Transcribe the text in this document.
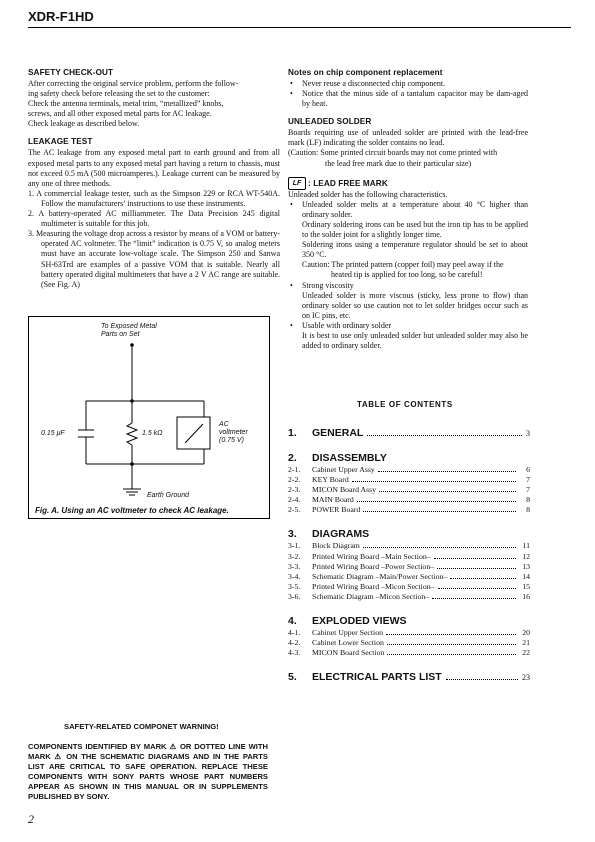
XDR-F1HD
SAFETY CHECK-OUT

After correcting the original service problem, perform the follow-

ing safety check before releasing the set to the customer:

Check the antenna terminals, metal trim, “metallized” knobs,

screws, and all other exposed metal parts for AC leakage.

Check leakage as described below.

LEAKAGE TEST

The AC leakage from any exposed metal part to earth ground and from all exposed metal parts to any exposed metal part having a return to chassis, must not exceed 0.5 mA (500 microamperes.). Leakage current can be measured by any one of three methods.

1. A commercial leakage tester, such as the Simpson 229 or RCA WT-540A. Follow the manufacturers’ instructions to use these instruments.
2. A battery-operated AC milliammeter. The Data Precision 245 digital multimeter is suitable for this job.
3. Measuring the voltage drop across a resistor by means of a VOM or battery-operated AC voltmeter. The “limit” indication is 0.75 V, so analog meters must have an accurate low-voltage scale. The Simpson 250 and Sanwa SH-63Trd are examples of a passive VOM that is suitable. Nearly all battery operated digital multimeters that have a 2 V AC range are suitable. (See Fig. A)
To Exposed Metal
Parts on Set
0.15 μF	1.5 kΩ
AC
voltmeter
(0.75 V)
Earth Ground
Fig. A. Using an AC voltmeter to check AC leakage.
Notes on chip component replacement
• Never reuse a disconnected chip component.
• Notice that the minus side of a tantalum capacitor may be dam-aged by heat.
UNLEADED SOLDER

Boards requiring use of unleaded solder are printed with the lead-free mark (LF) indicating the solder contains no lead.

(Caution: Some printed circuit boards may not come printed with

the lead free mark due to their particular size)

LF : LEAD FREE MARK

Unleaded solder has the following characteristics.

• Unleaded solder melts at a temperature about 40 °C higher than ordinary solder.
Ordinary soldering irons can be used but the iron tip has to be applied to the solder joint for a slightly longer time.
Soldering irons using a temperature regulator should be set to about 350 °C.
Caution: The printed pattern (copper foil) may peel away if the
heated tip is applied for too long, so be careful!
• Strong viscosity
Unleaded solder is more viscous (sticky, less prone to flow) than ordinary solder so use caution not to let solder bridges occur such as on IC pins, etc.
• Usable with ordinary solder
It is best to use only unleaded solder but unleaded solder may also be added to ordinary solder.
TABLE OF CONTENTS
1.	GENERAL	3
2.	DISASSEMBLY
2-1.	Cabinet Upper Assy	6
2-2.	KEY Board	7
2-3.	MICON Board Assy	7
2-4.	MAIN Board	8
2-5.	POWER Board	8
3.	DIAGRAMS
3-1.	Block Diagram	11
3-2.	Printed Wiring Board –Main Section–	12
3-3.	Printed Wiring Board –Power Section–	13
3-4.	Schematic Diagram –Main/Power Section–	14
3-5.	Printed Wiring Board –Micon Section–	15
3-6.	Schematic Diagram –Micon Section–	16
4.	EXPLODED VIEWS
4-1.	Cabinet Upper Section	20
4-2.	Cabinet Lower Section	21
4-3.	MICON Board Section	22
5.	ELECTRICAL PARTS LIST	23
SAFETY-RELATED COMPONET WARNING!
COMPONENTS IDENTIFIED BY MARK ⚠ OR DOTTED LINE WITH MARK ⚠ ON THE SCHEMATIC DIAGRAMS AND IN THE PARTS LIST ARE CRITICAL TO SAFE OPERATION. REPLACE THESE COMPONENTS WITH SONY PARTS WHOSE PART NUMBERS APPEAR AS SHOWN IN THIS MANUAL OR IN SUPPLEMENTS PUBLISHED BY SONY.
2
